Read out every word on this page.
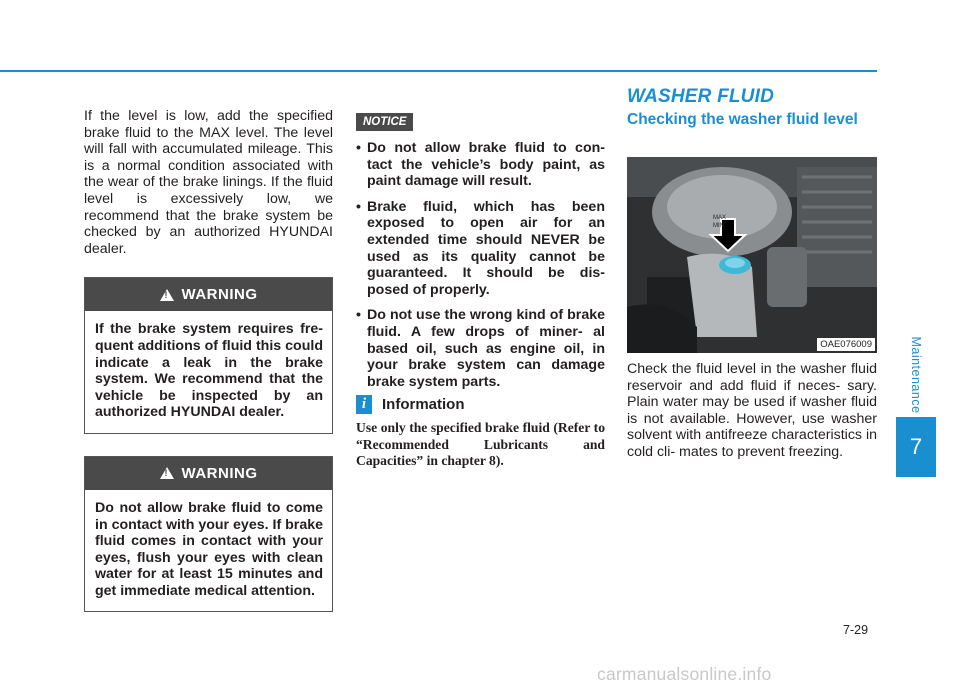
If the level is low, add the specified brake fluid to the MAX level. The level will fall with accumulated mileage. This is a normal condition associated with the wear of the brake linings. If the fluid level is excessively low, we recommend that the brake system be checked by an authorized HYUNDAI dealer.

!
WARNING
If the brake system requires fre- quent additions of fluid this could indicate a leak in the brake system. We recommend that the vehicle be inspected by an authorized HYUNDAI dealer.
!
WARNING
Do not allow brake fluid to come in contact with your eyes. If brake fluid comes in contact with your eyes, flush your eyes with clean water for at least 15 minutes and get immediate medical attention.
NOTICE
• Do not allow brake fluid to con- tact the vehicle’s body paint, as paint damage will result.
• Brake fluid, which has been exposed to open air for an extended time should NEVER be used as its quality cannot be guaranteed. It should be dis- posed of properly.
• Do not use the wrong kind of brake fluid. A few drops of miner- al based oil, such as engine oil, in your brake system can damage brake system parts.
i	Information

Use only the specified brake fluid (Refer to “Recommended Lubricants and Capacities” in chapter 8).

WASHER FLUID
Checking the washer fluid level
MAX
MIN
OAE076009

Check the fluid level in the washer fluid reservoir and add fluid if neces- sary. Plain water may be used if washer fluid is not available. However, use washer solvent with antifreeze characteristics in cold cli- mates to prevent freezing.

Maintenance
7
7-29
carmanualsonline.info
